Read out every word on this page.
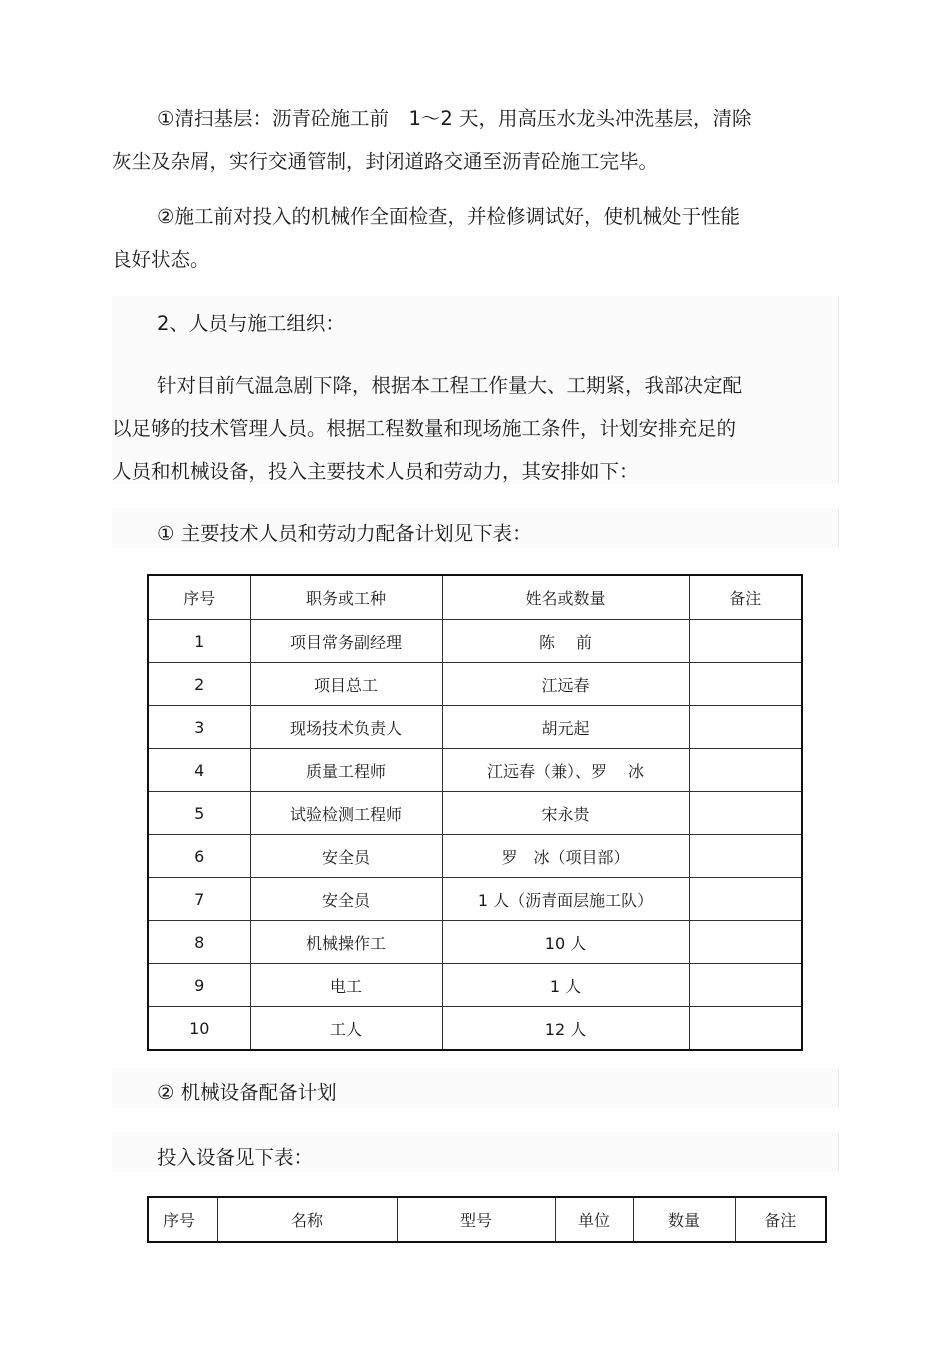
①清扫基层：沥青砼施工前　1～2 天，用高压水龙头冲洗基层，清除
灰尘及杂屑，实行交通管制，封闭道路交通至沥青砼施工完毕。

②施工前对投入的机械作全面检查，并检修调试好，使机械处于性能
良好状态。

2、人员与施工组织：

针对目前气温急剧下降，根据本工程工作量大、工期紧，我部决定配
以足够的技术管理人员。根据工程数量和现场施工条件，计划安排充足的
人员和机械设备，投入主要技术人员和劳动力，其安排如下：

① 主要技术人员和劳动力配备计划见下表：

序号	职务或工种	姓名或数量	备注
1	项目常务副经理	陈　 前	
2	项目总工	江远春	
3	现场技术负责人	胡元起	
4	质量工程师	江远春（兼）、罗　 冰	
5	试验检测工程师	宋永贵	
6	安全员	罗　冰（项目部）	
7	安全员	1 人（沥青面层施工队）	
8	机械操作工	10 人	
9	电工	1 人	
10	工人	12 人	

② 机械设备配备计划

投入设备见下表：

序号	名称	型号	单位	数量	备注
